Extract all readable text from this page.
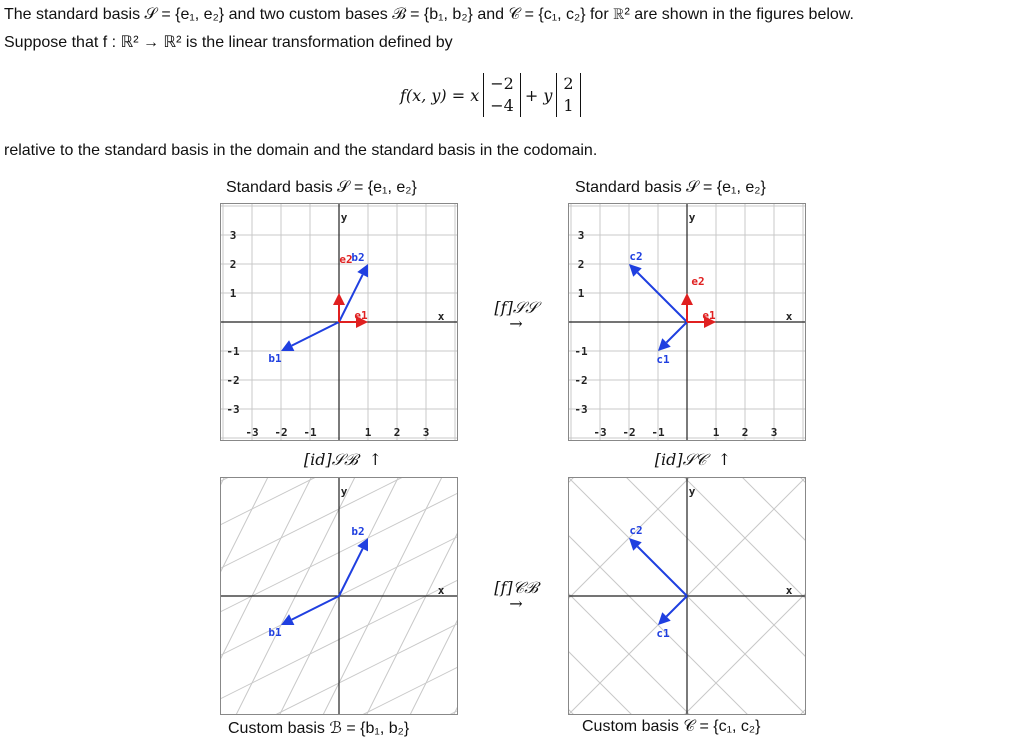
The standard basis 𝒮 = {e₁, e₂} and two custom bases ℬ = {b₁, b₂} and 𝒞 = {c₁, c₂} for ℝ² are shown in the figures below.
Suppose that f : ℝ² → ℝ² is the linear transformation defined by
f(x, y) = x
−2
−4
+ y
2
1
relative to the standard basis in the domain and the standard basis in the codomain.
Standard basis 𝒮 = {e₁, e₂}	Standard basis 𝒮 = {e₁, e₂}
Custom basis ℬ = {b₁, b₂}	Custom basis 𝒞 = {c₁, c₂}
y
x
-3 -2 -1	1 2 3
3
2
1
-1
-2
-3
e1
e2
b1
b2
y
x
-3 -2 -1	1 2 3
3
2
1
-1
-2
-3
e1
e2
c1
c2
y
x
b1
b2
y
x
c1
c2
[f]𝒮𝒮
→
[f]𝒞ℬ
→
[id]𝒮ℬ ↑	[id]𝒮𝒞 ↑
